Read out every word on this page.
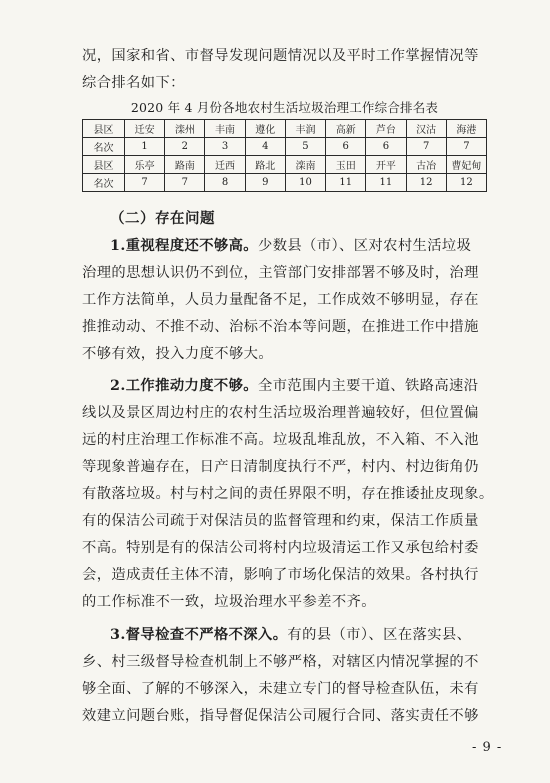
况，国家和省、市督导发现问题情况以及平时工作掌握情况等
综合排名如下：
2020 年 4 月份各地农村生活垃圾治理工作综合排名表
县区	迁安	滦州	丰南	遵化	丰润	高新	芦台	汉沽	海港
名次	1	2	3	4	5	6	6	7	7
县区	乐亭	路南	迁西	路北	滦南	玉田	开平	古冶	曹妃甸
名次	7	7	8	9	10	11	11	12	12
（二）存在问题
1.重视程度还不够高。少数县（市）、区对农村生活垃圾
治理的思想认识仍不到位，主管部门安排部署不够及时，治理
工作方法简单，人员力量配备不足，工作成效不够明显，存在
推推动动、不推不动、治标不治本等问题，在推进工作中措施
不够有效，投入力度不够大。
2.工作推动力度不够。全市范围内主要干道、铁路高速沿
线以及景区周边村庄的农村生活垃圾治理普遍较好，但位置偏
远的村庄治理工作标准不高。垃圾乱堆乱放，不入箱、不入池
等现象普遍存在，日产日清制度执行不严，村内、村边街角仍
有散落垃圾。村与村之间的责任界限不明，存在推诿扯皮现象。
有的保洁公司疏于对保洁员的监督管理和约束，保洁工作质量
不高。特别是有的保洁公司将村内垃圾清运工作又承包给村委
会，造成责任主体不清，影响了市场化保洁的效果。各村执行
的工作标准不一致，垃圾治理水平参差不齐。
3.督导检查不严格不深入。有的县（市）、区在落实县、
乡、村三级督导检查机制上不够严格，对辖区内情况掌握的不
够全面、了解的不够深入，未建立专门的督导检查队伍，未有
效建立问题台账，指导督促保洁公司履行合同、落实责任不够
- 9 -
